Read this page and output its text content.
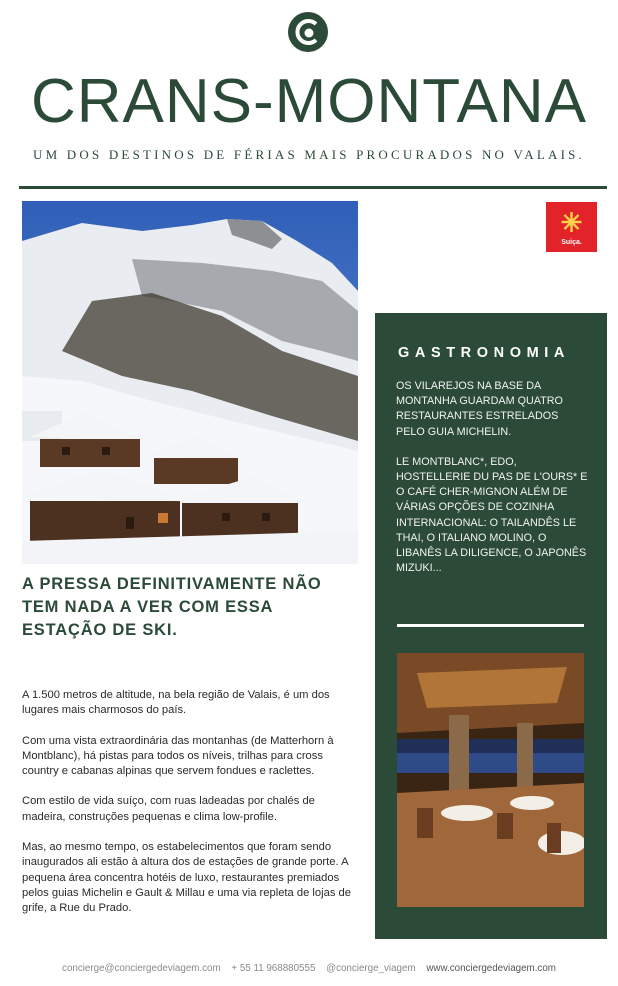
CRANS-MONTANA
UM DOS DESTINOS DE FÉRIAS MAIS PROCURADOS NO VALAIS.
Suiça.
A PRESSA DEFINITIVAMENTE NÃO TEM NADA A VER COM ESSA ESTAÇÃO DE SKI.

A 1.500 metros de altitude, na bela região de Valais, é um dos lugares mais charmosos do país.

Com uma vista extraordinária das montanhas (de Matterhorn à Montblanc), há pistas para todos os níveis, trilhas para cross country e cabanas alpinas que servem fondues e raclettes.

Com estilo de vida suíço, com ruas ladeadas por chalés de madeira, construções pequenas e clima low-profile.

Mas, ao mesmo tempo, os estabelecimentos que foram sendo inaugurados ali estão à altura dos de estações de grande porte. A pequena área concentra hotéis de luxo, restaurantes premiados pelos guias Michelin e Gault & Millau e uma via repleta de lojas de grife, a Rue du Prado.

GASTRONOMIA

OS VILAREJOS NA BASE DA MONTANHA GUARDAM QUATRO RESTAURANTES ESTRELADOS PELO GUIA MICHELIN.

LE MONTBLANC*, EDO, HOSTELLERIE DU PAS DE L'OURS* E O CAFÉ CHER-MIGNON ALÉM DE VÁRIAS OPÇÕES DE COZINHA INTERNACIONAL: O TAILANDÊS LE THAI, O ITALIANO MOLINO, O LIBANÊS LA DILIGENCE, O JAPONÊS MIZUKI...

concierge@conciergedeviagem.com + 55 11 968880555 @concierge_viagem www.conciergedeviagem.com
